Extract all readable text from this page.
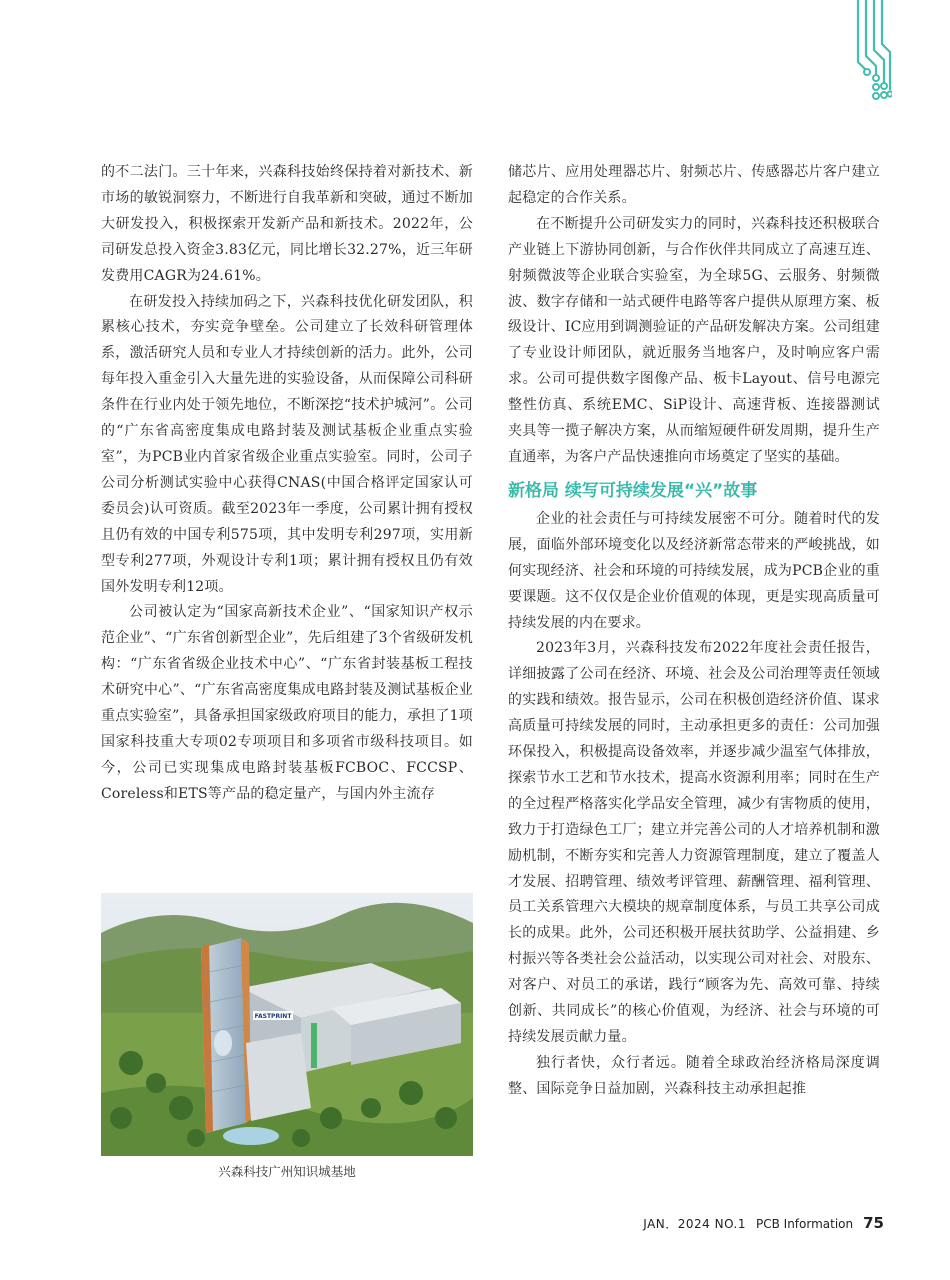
的不二法门。三十年来，兴森科技始终保持着对新技术、新市场的敏锐洞察力，不断进行自我革新和突破，通过不断加大研发投入，积极探索开发新产品和新技术。2022年，公司研发总投入资金3.83亿元，同比增长32.27%，近三年研发费用CAGR为24.61%。

在研发投入持续加码之下，兴森科技优化研发团队，积累核心技术，夯实竞争壁垒。公司建立了长效科研管理体系，激活研究人员和专业人才持续创新的活力。此外，公司每年投入重金引入大量先进的实验设备，从而保障公司科研条件在行业内处于领先地位，不断深挖“技术护城河”。公司的“广东省高密度集成电路封装及测试基板企业重点实验室”，为PCB业内首家省级企业重点实验室。同时，公司子公司分析测试实验中心获得CNAS(中国合格评定国家认可委员会)认可资质。截至2023年一季度，公司累计拥有授权且仍有效的中国专利575项，其中发明专利297项，实用新型专利277项，外观设计专利1项；累计拥有授权且仍有效国外发明专利12项。

公司被认定为“国家高新技术企业”、“国家知识产权示范企业”、“广东省创新型企业”，先后组建了3个省级研发机构：“广东省省级企业技术中心”、“广东省封装基板工程技术研究中心”、“广东省高密度集成电路封装及测试基板企业重点实验室”，具备承担国家级政府项目的能力，承担了1项国家科技重大专项02专项项目和多项省市级科技项目。如今，公司已实现集成电路封装基板FCBOC、FCCSP、Coreless和ETS等产品的稳定量产，与国内外主流存

FASTPRINT
兴森科技广州知识城基地

储芯片、应用处理器芯片、射频芯片、传感器芯片客户建立起稳定的合作关系。

在不断提升公司研发实力的同时，兴森科技还积极联合产业链上下游协同创新，与合作伙伴共同成立了高速互连、射频微波等企业联合实验室，为全球5G、云服务、射频微波、数字存储和一站式硬件电路等客户提供从原理方案、板级设计、IC应用到调测验证的产品研发解决方案。公司组建了专业设计师团队，就近服务当地客户，及时响应客户需求。公司可提供数字图像产品、板卡Layout、信号电源完整性仿真、系统EMC、SiP设计、高速背板、连接器测试夹具等一揽子解决方案，从而缩短硬件研发周期，提升生产直通率，为客户产品快速推向市场奠定了坚实的基础。

新格局 续写可持续发展“兴”故事

企业的社会责任与可持续发展密不可分。随着时代的发展，面临外部环境变化以及经济新常态带来的严峻挑战，如何实现经济、社会和环境的可持续发展，成为PCB企业的重要课题。这不仅仅是企业价值观的体现，更是实现高质量可持续发展的内在要求。

2023年3月，兴森科技发布2022年度社会责任报告，详细披露了公司在经济、环境、社会及公司治理等责任领域的实践和绩效。报告显示，公司在积极创造经济价值、谋求高质量可持续发展的同时，主动承担更多的责任：公司加强环保投入，积极提高设备效率，并逐步减少温室气体排放，探索节水工艺和节水技术，提高水资源利用率；同时在生产的全过程严格落实化学品安全管理，减少有害物质的使用，致力于打造绿色工厂；建立并完善公司的人才培养机制和激励机制，不断夯实和完善人力资源管理制度，建立了覆盖人才发展、招聘管理、绩效考评管理、薪酬管理、福利管理、员工关系管理六大模块的规章制度体系，与员工共享公司成长的成果。此外，公司还积极开展扶贫助学、公益捐建、乡村振兴等各类社会公益活动，以实现公司对社会、对股东、对客户、对员工的承诺，践行“顾客为先、高效可靠、持续创新、共同成长”的核心价值观，为经济、社会与环境的可持续发展贡献力量。

独行者快，众行者远。随着全球政治经济格局深度调整、国际竞争日益加剧，兴森科技主动承担起推

JAN．2024 NO.1 PCB Information 75
